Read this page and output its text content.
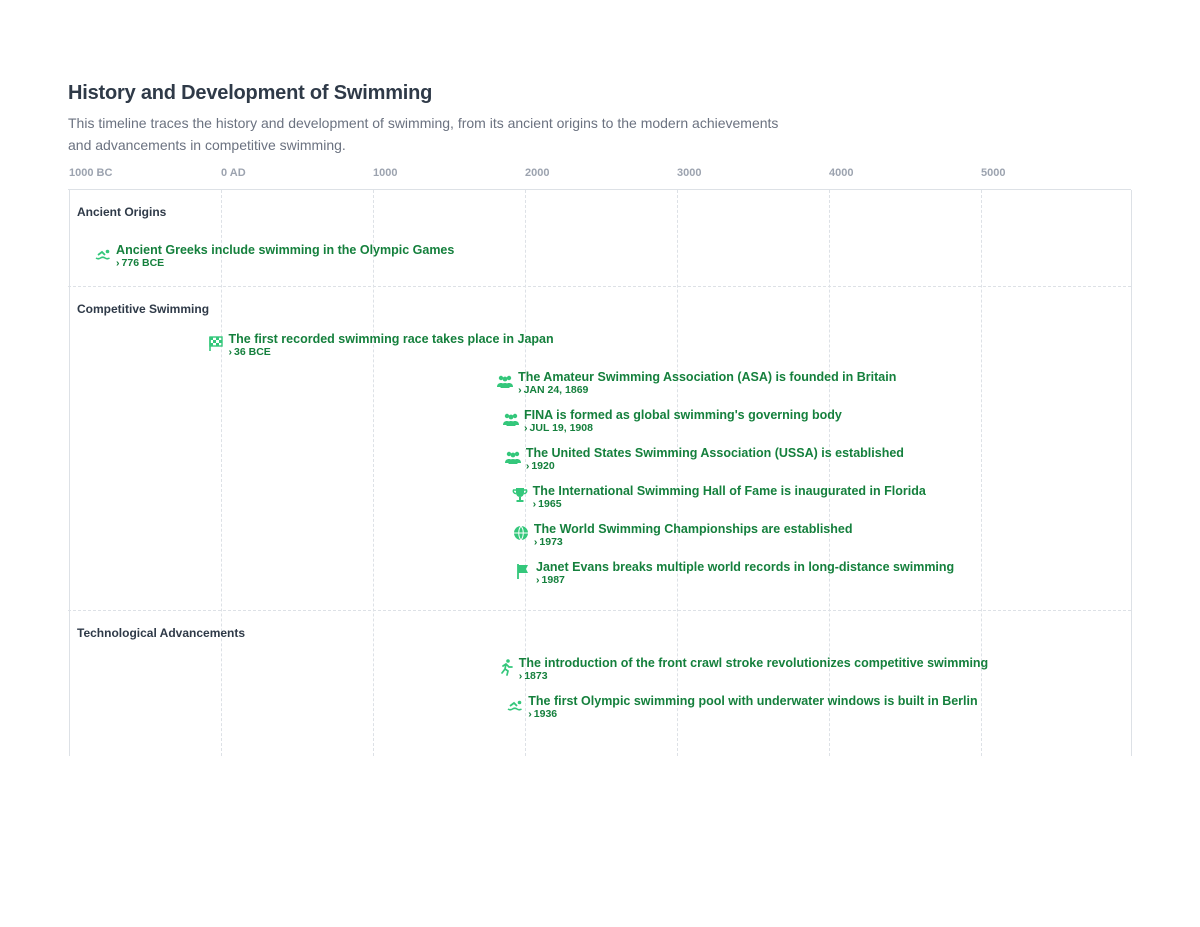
History and Development of Swimming

This timeline traces the history and development of swimming, from its ancient origins to the modern achievements and advancements in competitive swimming.

1000 BC	0 AD	1000	2000	3000	4000	5000
Ancient Origins
Ancient Greeks include swimming in the Olympic Games
› 776 BCE
Competitive Swimming
The first recorded swimming race takes place in Japan
› 36 BCE
The Amateur Swimming Association (ASA) is founded in Britain
› JAN 24, 1869
FINA is formed as global swimming's governing body
› JUL 19, 1908
The United States Swimming Association (USSA) is established
› 1920
The International Swimming Hall of Fame is inaugurated in Florida
› 1965
The World Swimming Championships are established
› 1973
Janet Evans breaks multiple world records in long-distance swimming
› 1987
Technological Advancements
The introduction of the front crawl stroke revolutionizes competitive swimming
› 1873
The first Olympic swimming pool with underwater windows is built in Berlin
› 1936
